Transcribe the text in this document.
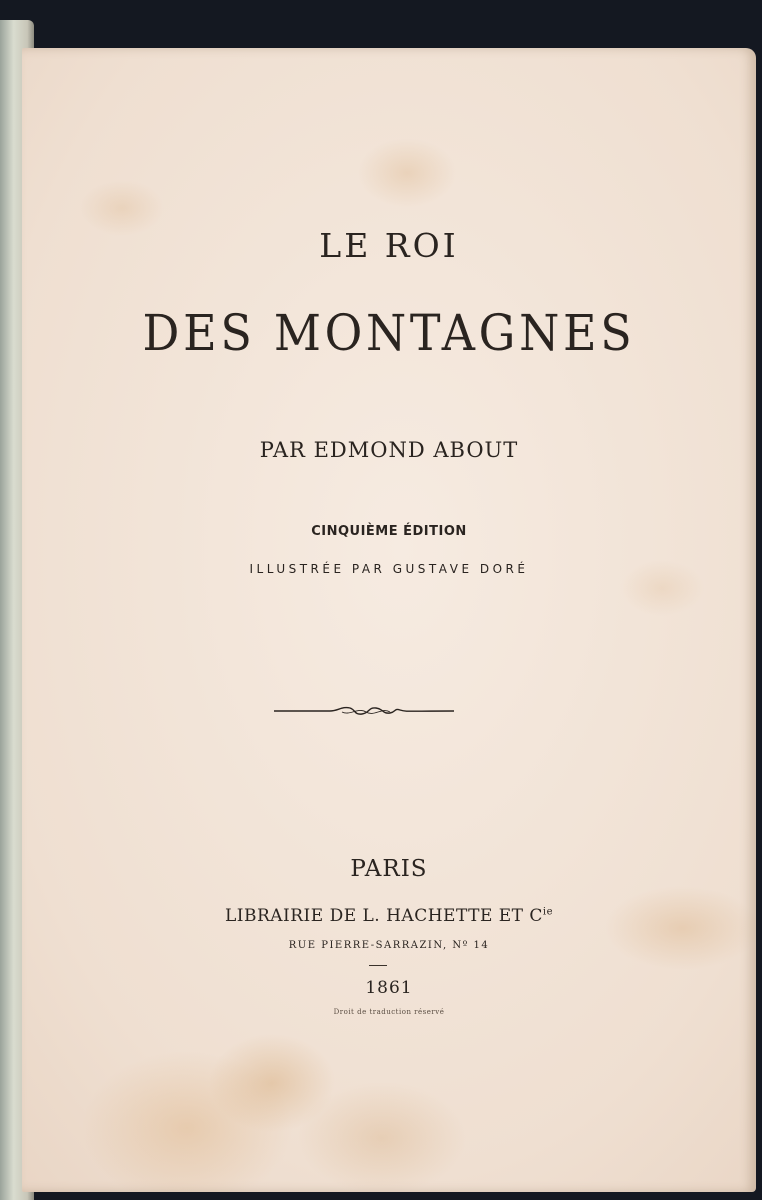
LE ROI
DES MONTAGNES
PAR EDMOND ABOUT
CINQUIÈME ÉDITION
ILLUSTRÉE PAR GUSTAVE DORÉ
PARIS
LIBRAIRIE DE L. HACHETTE ET $C^{ie}$
RUE PIERRE-SARRAZIN, Nº 14
1861
Droit de traduction réservé
